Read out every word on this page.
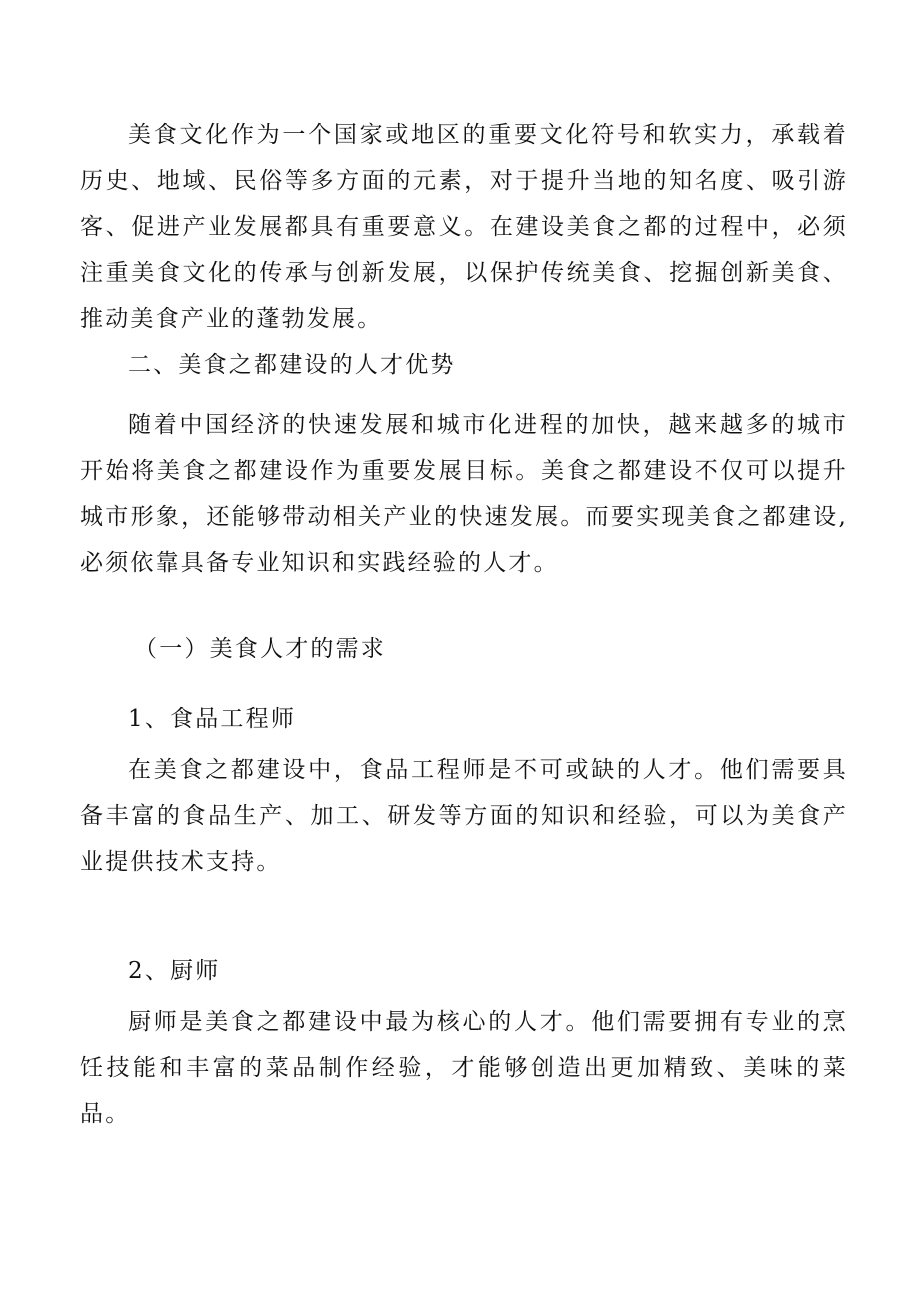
美食文化作为一个国家或地区的重要文化符号和软实力，承载着历史、地域、民俗等多方面的元素，对于提升当地的知名度、吸引游客、促进产业发展都具有重要意义。在建设美食之都的过程中，必须注重美食文化的传承与创新发展，以保护传统美食、挖掘创新美食、推动美食产业的蓬勃发展。

二、美食之都建设的人才优势

随着中国经济的快速发展和城市化进程的加快，越来越多的城市开始将美食之都建设作为重要发展目标。美食之都建设不仅可以提升城市形象，还能够带动相关产业的快速发展。而要实现美食之都建设,必须依靠具备专业知识和实践经验的人才。

（一）美食人才的需求

1、食品工程师

在美食之都建设中，食品工程师是不可或缺的人才。他们需要具备丰富的食品生产、加工、研发等方面的知识和经验，可以为美食产业提供技术支持。

2、厨师

厨师是美食之都建设中最为核心的人才。他们需要拥有专业的烹饪技能和丰富的菜品制作经验，才能够创造出更加精致、美味的菜品。
